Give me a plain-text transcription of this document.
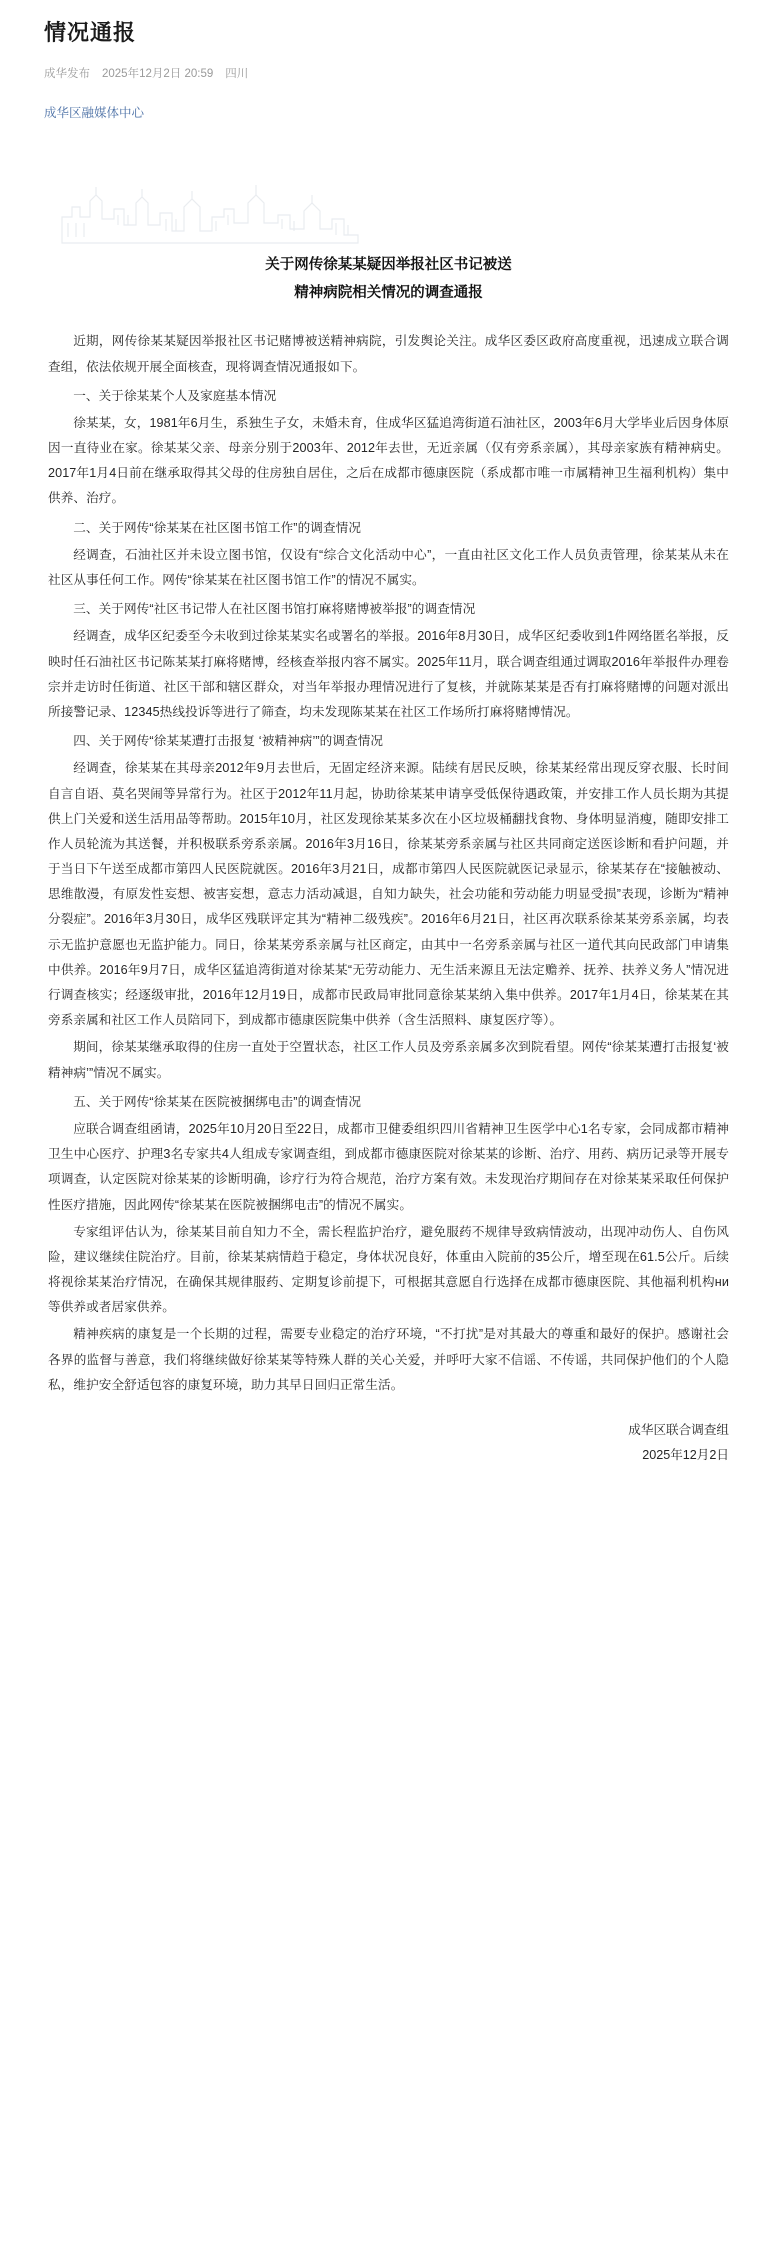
情况通报
成华发布 2025年12月2日 20:59 四川
成华区融媒体中心
关于网传徐某某疑因举报社区书记被送
精神病院相关情况的调查通报

近期，网传徐某某疑因举报社区书记赌博被送精神病院，引发舆论关注。成华区委区政府高度重视，迅速成立联合调查组，依法依规开展全面核查，现将调查情况通报如下。

一、关于徐某某个人及家庭基本情况

徐某某，女，1981年6月生，系独生子女，未婚未育，住成华区猛追湾街道石油社区，2003年6月大学毕业后因身体原因一直待业在家。徐某某父亲、母亲分别于2003年、2012年去世，无近亲属（仅有旁系亲属），其母亲家族有精神病史。2017年1月4日前在继承取得其父母的住房独自居住，之后在成都市德康医院（系成都市唯一市属精神卫生福利机构）集中供养、治疗。

二、关于网传“徐某某在社区图书馆工作”的调查情况

经调查，石油社区并未设立图书馆，仅设有“综合文化活动中心”，一直由社区文化工作人员负责管理，徐某某从未在社区从事任何工作。网传“徐某某在社区图书馆工作”的情况不属实。

三、关于网传“社区书记带人在社区图书馆打麻将赌博被举报”的调查情况

经调查，成华区纪委至今未收到过徐某某实名或署名的举报。2016年8月30日，成华区纪委收到1件网络匿名举报，反映时任石油社区书记陈某某打麻将赌博，经核查举报内容不属实。2025年11月，联合调查组通过调取2016年举报件办理卷宗并走访时任街道、社区干部和辖区群众，对当年举报办理情况进行了复核，并就陈某某是否有打麻将赌博的问题对派出所接警记录、12345热线投诉等进行了筛查，均未发现陈某某在社区工作场所打麻将赌博情况。

四、关于网传“徐某某遭打击报复 ‘被精神病’”的调查情况

经调查，徐某某在其母亲2012年9月去世后，无固定经济来源。陆续有居民反映，徐某某经常出现反穿衣服、长时间自言自语、莫名哭闹等异常行为。社区于2012年11月起，协助徐某某申请享受低保待遇政策，并安排工作人员长期为其提供上门关爱和送生活用品等帮助。2015年10月，社区发现徐某某多次在小区垃圾桶翻找食物、身体明显消瘦，随即安排工作人员轮流为其送餐，并积极联系旁系亲属。2016年3月16日，徐某某旁系亲属与社区共同商定送医诊断和看护问题，并于当日下午送至成都市第四人民医院就医。2016年3月21日，成都市第四人民医院就医记录显示，徐某某存在“接触被动、思维散漫，有原发性妄想、被害妄想，意志力活动减退，自知力缺失，社会功能和劳动能力明显受损”表现，诊断为“精神分裂症”。2016年3月30日，成华区残联评定其为“精神二级残疾”。2016年6月21日，社区再次联系徐某某旁系亲属，均表示无监护意愿也无监护能力。同日，徐某某旁系亲属与社区商定，由其中一名旁系亲属与社区一道代其向民政部门申请集中供养。2016年9月7日，成华区猛追湾街道对徐某某“无劳动能力、无生活来源且无法定赡养、抚养、扶养义务人”情况进行调查核实；经逐级审批，2016年12月19日，成都市民政局审批同意徐某某纳入集中供养。2017年1月4日，徐某某在其旁系亲属和社区工作人员陪同下，到成都市德康医院集中供养（含生活照料、康复医疗等）。

期间，徐某某继承取得的住房一直处于空置状态，社区工作人员及旁系亲属多次到院看望。网传“徐某某遭打击报复‘被精神病’”情况不属实。

五、关于网传“徐某某在医院被捆绑电击”的调查情况

应联合调查组函请，2025年10月20日至22日，成都市卫健委组织四川省精神卫生医学中心1名专家，会同成都市精神卫生中心医疗、护理3名专家共4人组成专家调查组，到成都市德康医院对徐某某的诊断、治疗、用药、病历记录等开展专项调查，认定医院对徐某某的诊断明确，诊疗行为符合规范，治疗方案有效。未发现治疗期间存在对徐某某采取任何保护性医疗措施，因此网传“徐某某在医院被捆绑电击”的情况不属实。

专家组评估认为，徐某某目前自知力不全，需长程监护治疗，避免服药不规律导致病情波动，出现冲动伤人、自伤风险，建议继续住院治疗。目前，徐某某病情趋于稳定，身体状况良好，体重由入院前的35公斤，增至现在61.5公斤。后续将视徐某某治疗情况，在确保其规律服药、定期复诊前提下，可根据其意愿自行选择在成都市德康医院、其他福利机构ни等供养或者居家供养。

精神疾病的康复是一个长期的过程，需要专业稳定的治疗环境，“不打扰”是对其最大的尊重和最好的保护。感谢社会各界的监督与善意，我们将继续做好徐某某等特殊人群的关心关爱，并呼吁大家不信谣、不传谣，共同保护他们的个人隐私，维护安全舒适包容的康复环境，助力其早日回归正常生活。

成华区联合调查组
2025年12月2日
